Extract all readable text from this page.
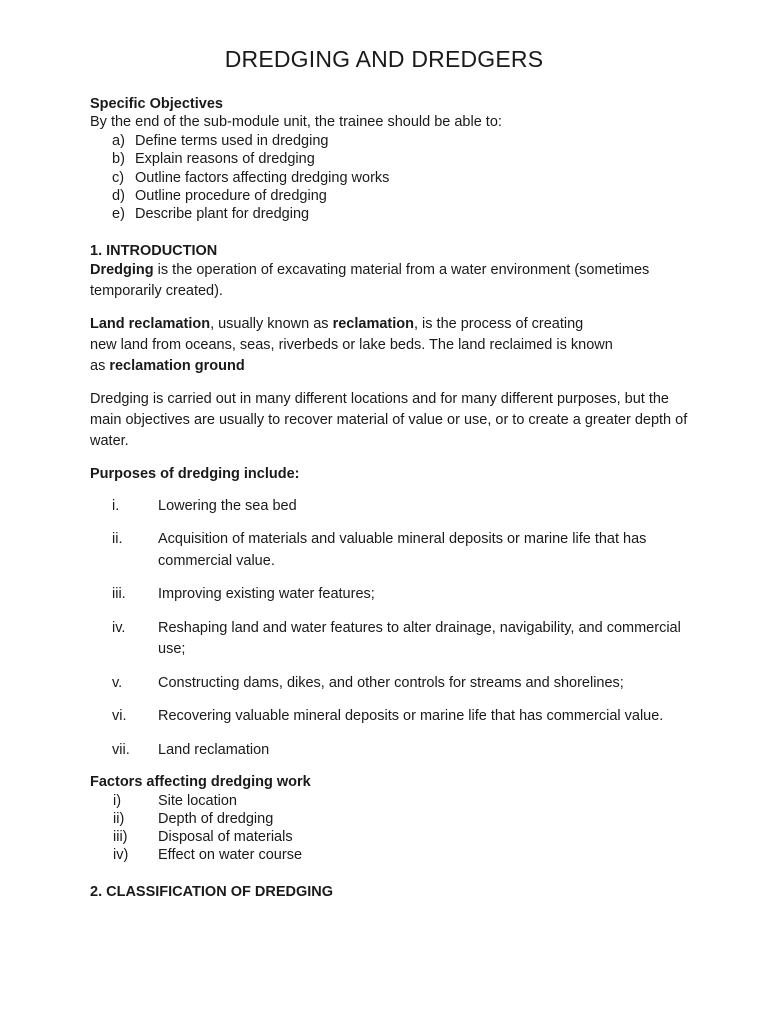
DREDGING AND DREDGERS
Specific Objectives
By the end of the sub-module unit, the trainee should be able to:
a) Define terms used in dredging
b) Explain reasons of dredging
c) Outline factors affecting dredging works
d) Outline procedure of dredging
e) Describe plant for dredging
1. INTRODUCTION

Dredging is the operation of excavating material from a water environment (sometimes temporarily created).

Land reclamation, usually known as reclamation, is the process of creating
new land from oceans, seas, riverbeds or lake beds. The land reclaimed is known
as reclamation ground

Dredging is carried out in many different locations and for many different purposes, but the main objectives are usually to recover material of value or use, or to create a greater depth of water.

Purposes of dredging include:
i.	Lowering the sea bed
ii.	Acquisition of materials and valuable mineral deposits or marine life that has commercial value.
iii.	Improving existing water features;
iv.	Reshaping land and water features to alter drainage, navigability, and commercial use;
v.	Constructing dams, dikes, and other controls for streams and shorelines;
vi.	Recovering valuable mineral deposits or marine life that has commercial value.
vii.	Land reclamation
Factors affecting dredging work
i)	Site location
ii)	Depth of dredging
iii)	Disposal of materials
iv)	Effect on water course
2. CLASSIFICATION OF DREDGING
